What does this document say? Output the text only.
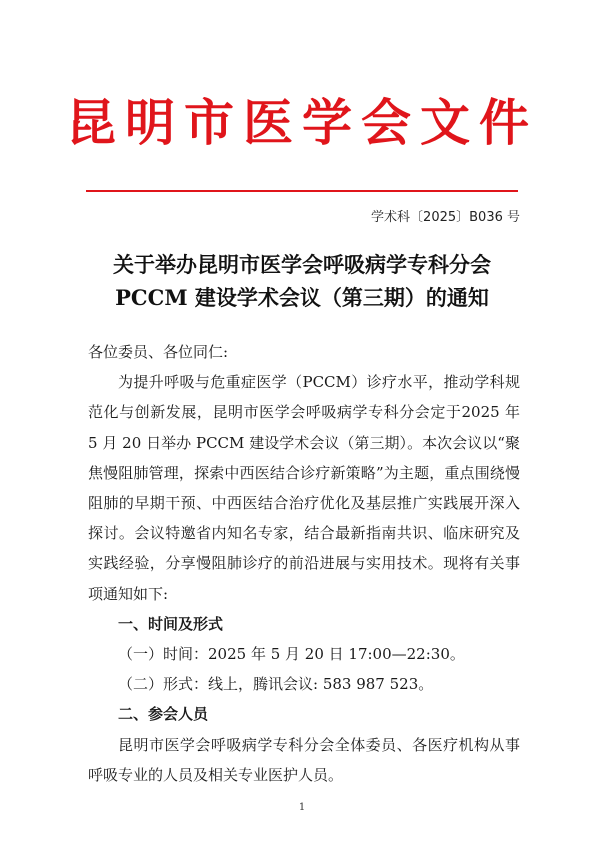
昆明市医学会文件
学术科〔2025〕B036 号
关于举办昆明市医学会呼吸病学专科分会
PCCM 建设学术会议（第三期）的通知

各位委员、各位同仁:

为提升呼吸与危重症医学（PCCM）诊疗水平，推动学科规范化与创新发展，昆明市医学会呼吸病学专科分会定于2025 年 5 月 20 日举办 PCCM 建设学术会议（第三期）。本次会议以“聚焦慢阻肺管理，探索中西医结合诊疗新策略”为主题，重点围绕慢阻肺的早期干预、中西医结合治疗优化及基层推广实践展开深入探讨。会议特邀省内知名专家，结合最新指南共识、临床研究及实践经验，分享慢阻肺诊疗的前沿进展与实用技术。现将有关事项通知如下:

一、时间及形式

（一）时间：2025 年 5 月 20 日 17:00—22:30。

（二）形式：线上，腾讯会议: 583 987 523。

二、参会人员

昆明市医学会呼吸病学专科分会全体委员、各医疗机构从事呼吸专业的人员及相关专业医护人员。

1
